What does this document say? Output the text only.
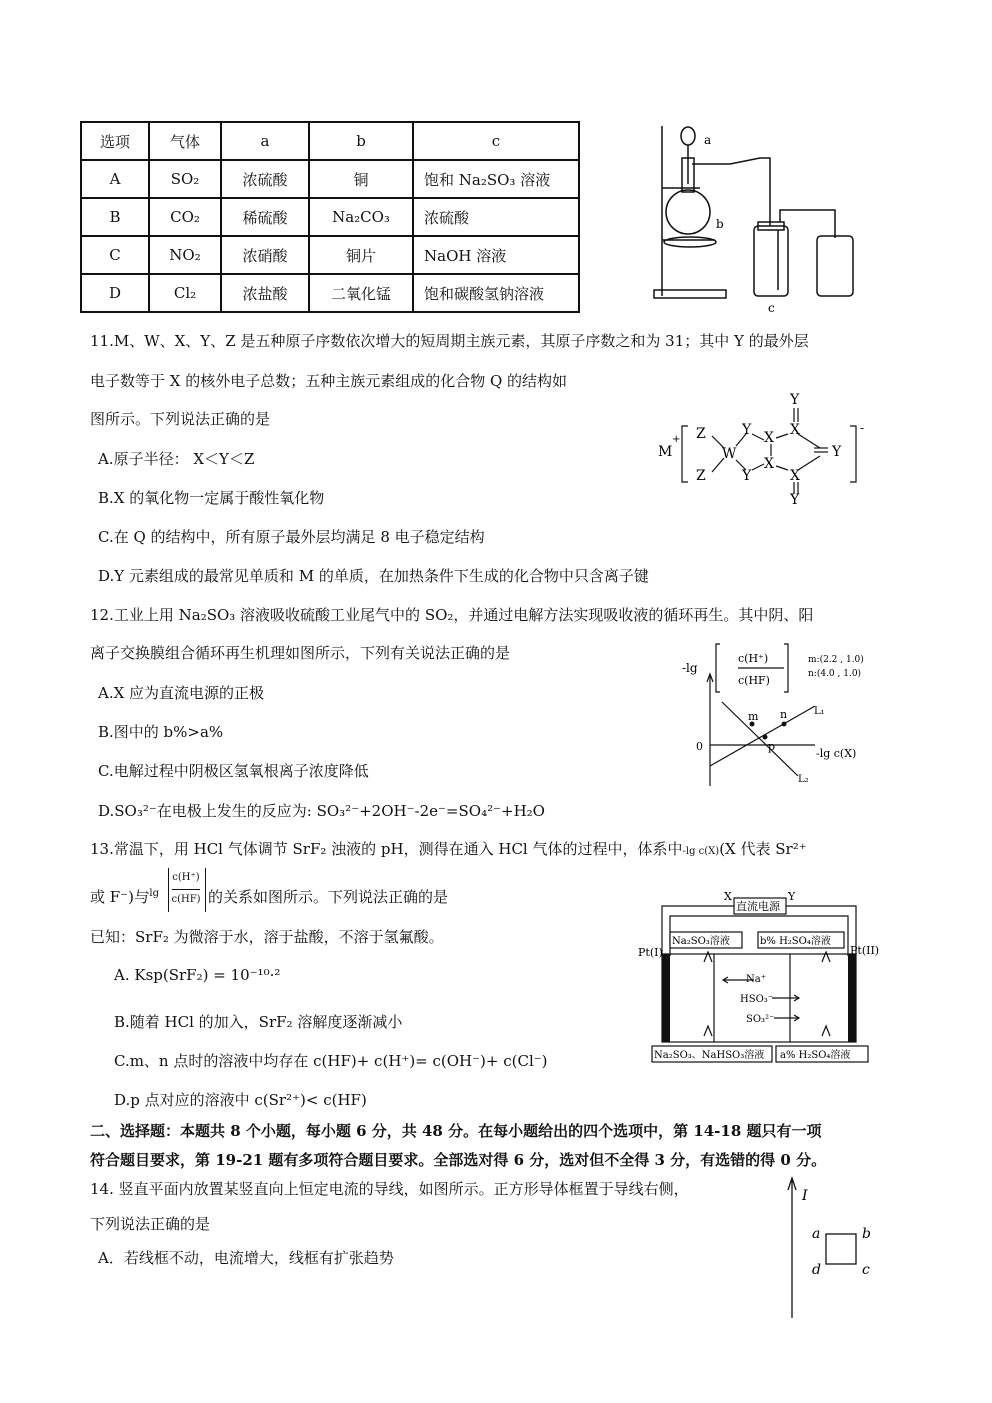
选项	气体	a	b	c
A	SO₂	浓硫酸	铜	饱和 Na₂SO₃ 溶液
B	CO₂	稀硫酸	Na₂CO₃	浓硫酸
C	NO₂	浓硝酸	铜片	NaOH 溶液
D	Cl₂	浓盐酸	二氧化锰	饱和碳酸氢钠溶液
a
b
c
11.M、W、X、Y、Z 是五种原子序数依次增大的短周期主族元素，其原子序数之和为 31；其中 Y 的最外层
电子数等于 X 的核外电子总数；五种主族元素组成的化合物 Q 的结构如
图所示。下列说法正确的是
A.原子半径： X＜Y＜Z
B.X 的氧化物一定属于酸性氧化物
C.在 Q 的结构中，所有原子最外层均满足 8 电子稳定结构
D.Y 元素组成的最常见单质和 M 的单质，在加热条件下生成的化合物中只含离子键
M
+
-
Z
Z
W
Y
Y
X
X
X
X
Y
Y
Y
12.工业上用 Na₂SO₃ 溶液吸收硫酸工业尾气中的 SO₂，并通过电解方法实现吸收液的循环再生。其中阴、阳
离子交换膜组合循环再生机理如图所示，下列有关说法正确的是
A.X 应为直流电源的正极
B.图中的 b%>a%
C.电解过程中阴极区氢氧根离子浓度降低
D.SO₃²⁻在电极上发生的反应为: SO₃²⁻+2OH⁻-2e⁻=SO₄²⁻+H₂O
-lg
c(H⁺)
c(HF)
m:(2.2 , 1.0)
n:(4.0 , 1.0)
m n
p
L₁
L₂
0
-lg c(X)
13.常温下，用 HCl 气体调节 SrF₂ 浊液的 pH，测得在通入 HCl 气体的过程中，体系中-lg c(X)(X 代表 Sr²⁺
或 F⁻)与
-lg
c(H⁺)
c(HF) 的关系如图所示。下列说法正确的是
已知：SrF₂ 为微溶于水，溶于盐酸，不溶于氢氟酸。
A. Ksp(SrF₂) = 10⁻¹⁰·²
B.随着 HCl 的加入，SrF₂ 溶解度逐渐减小
C.m、n 点时的溶液中均存在 c(HF)+ c(H⁺)= c(OH⁻)+ c(Cl⁻)
D.p 点对应的溶液中 c(Sr²⁺)< c(HF)
X	Y
直流电源
Pt(I)	Pt(II)
Na₂SO₃溶液	b% H₂SO₄溶液
Na⁺
HSO₃⁻
SO₃²⁻
Na₂SO₃、NaHSO₃溶液 a% H₂SO₄溶液
二、选择题：本题共 8 个小题，每小题 6 分，共 48 分。在每小题给出的四个选项中，第 14-18 题只有一项
符合题目要求，第 19-21 题有多项符合题目要求。全部选对得 6 分，选对但不全得 3 分，有选错的得 0 分。
14. 竖直平面内放置某竖直向上恒定电流的导线，如图所示。正方形导体框置于导线右侧，
下列说法正确的是
A．若线框不动，电流增大，线框有扩张趋势
I
a	b
c
d
